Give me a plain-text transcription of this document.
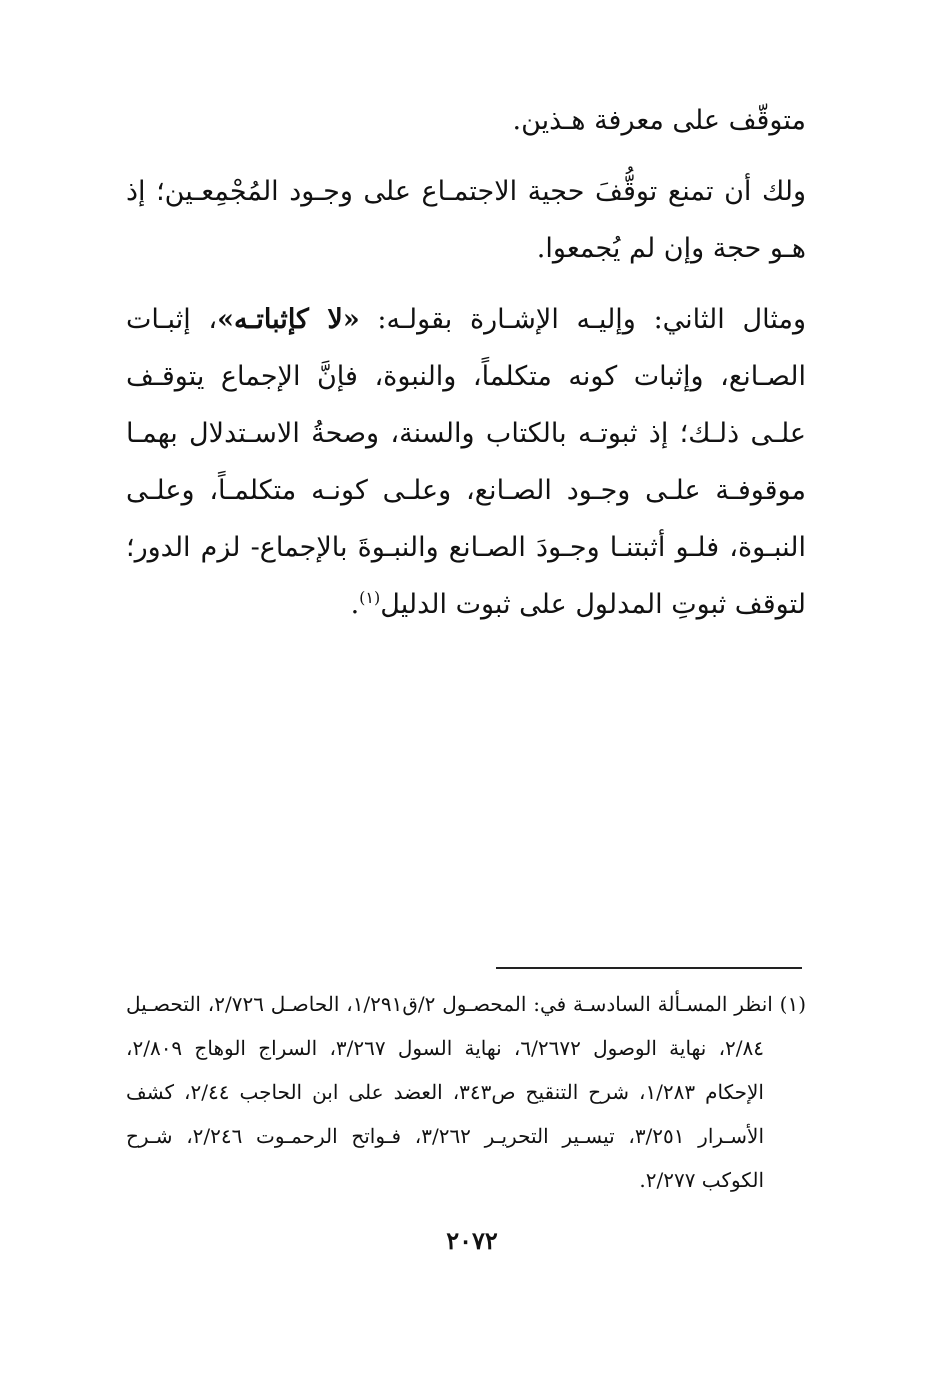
متوقّف على معرفة هـذين.

ولك أن تمنع توقُّفَ حجية الاجتمـاع على وجـود المُجْمِعـين؛ إذ هـو حجة وإن لم يُجمعوا.

ومثال الثاني: وإليـه الإشـارة بقولـه: «لا كإثباتـه»، إثبـات الصـانع، وإثبات كونه متكلماً، والنبوة، فإنَّ الإجماع يتوقـف علـى ذلـك؛ إذ ثبوتـه بالكتاب والسنة، وصحةُ الاسـتدلال بهمـا موقوفـة علـى وجـود الصـانع، وعلـى كونـه متكلمـاً، وعلـى النبـوة، فلـو أثبتنـا وجـودَ الصـانع والنبـوةَ بالإجماع- لزم الدور؛ لتوقف ثبوتِ المدلول على ثبوت الدليل$^{(١)}$.

(١) انظر المسـألة السادسـة في: المحصـول ٢/ق١/٢٩١، الحاصـل ٢/٧٢٦، التحصـيل
٢/٨٤، نهاية الوصول ٦/٢٦٧٢، نهاية السول ٣/٢٦٧، السراج الوهاج ٢/٨٠٩،
الإحكام ١/٢٨٣، شرح التنقيح ص٣٤٣، العضد على ابن الحاجب ٢/٤٤، كشف
الأسـرار ٣/٢٥١، تيسـير التحريـر ٣/٢٦٢، فـواتح الرحمـوت ٢/٢٤٦، شـرح
الكوكب ٢/٢٧٧.
٢٠٧٢
